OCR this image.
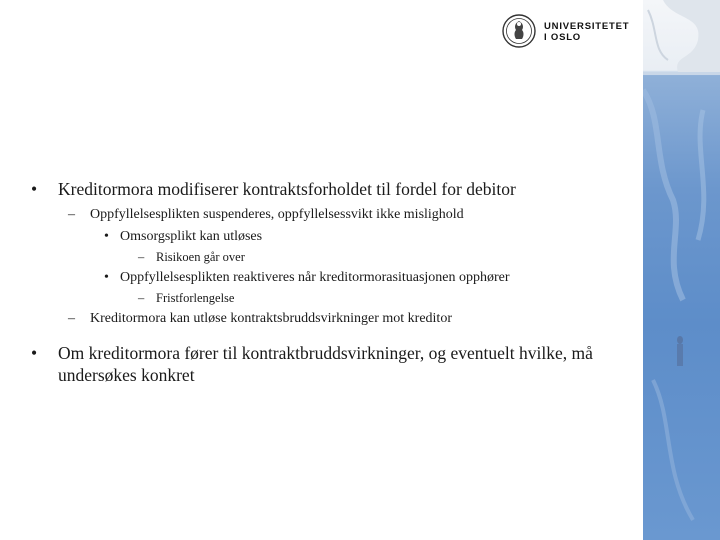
UNIVERSITETET
I OSLO
• Kreditormora modifiserer kontraktsforholdet til fordel for debitor
– Oppfyllelsesplikten suspenderes, oppfyllelsessvikt ikke mislighold
• Omsorgsplikt kan utløses
– Risikoen går over
• Oppfyllelsesplikten reaktiveres når kreditormorasituasjonen opphører
– Fristforlengelse
– Kreditormora kan utløse kontraktsbruddsvirkninger mot kreditor
• Om kreditormora fører til kontraktbruddsvirkninger, og eventuelt hvilke, må undersøkes konkret
